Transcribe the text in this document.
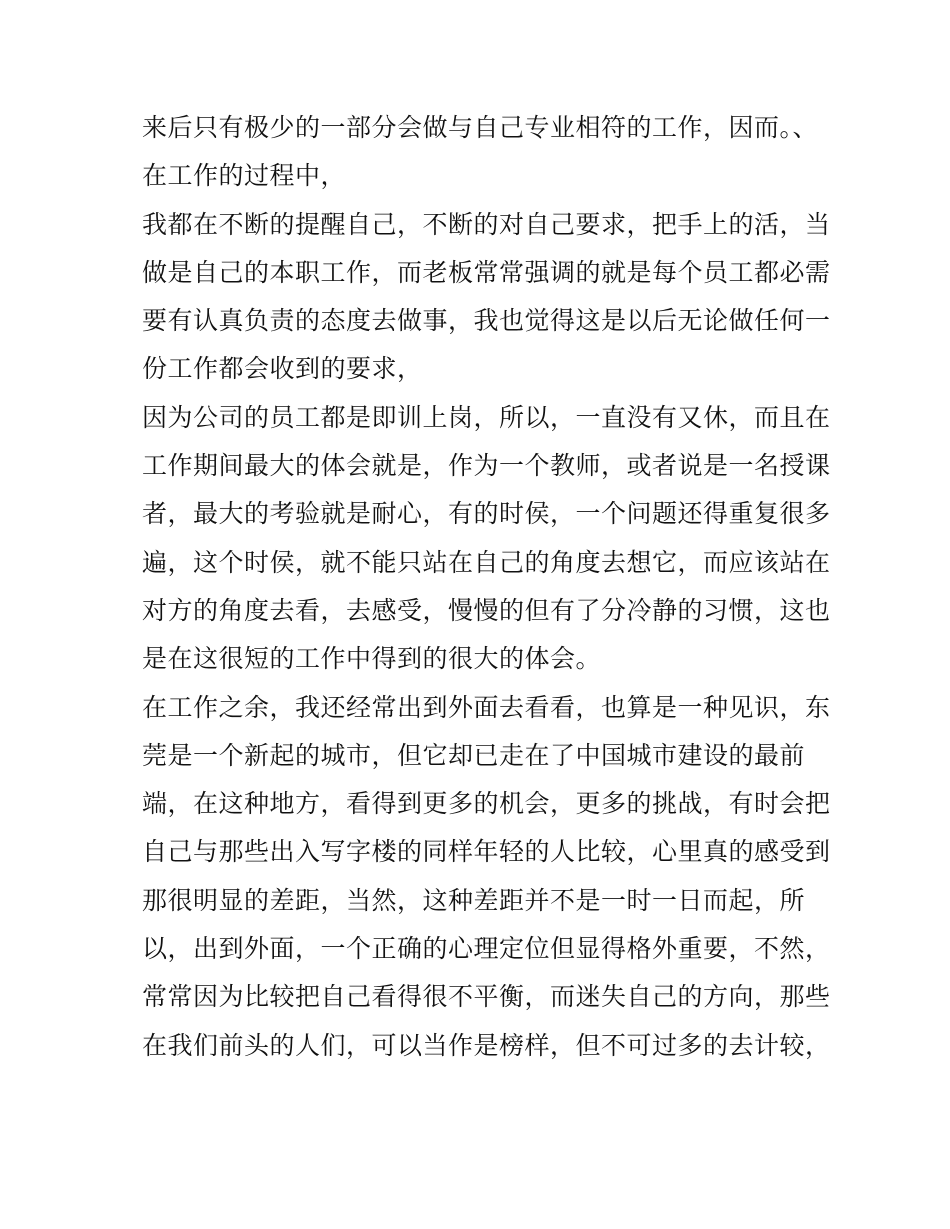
来后只有极少的一部分会做与自己专业相符的工作，因而。、
在工作的过程中，
我都在不断的提醒自己，不断的对自己要求，把手上的活，当
做是自己的本职工作，而老板常常强调的就是每个员工都必需
要有认真负责的态度去做事，我也觉得这是以后无论做任何一
份工作都会收到的要求，
因为公司的员工都是即训上岗，所以，一直没有又休，而且在
工作期间最大的体会就是，作为一个教师，或者说是一名授课
者，最大的考验就是耐心，有的时侯，一个问题还得重复很多
遍，这个时侯，就不能只站在自己的角度去想它，而应该站在
对方的角度去看，去感受，慢慢的但有了分冷静的习惯，这也
是在这很短的工作中得到的很大的体会。
在工作之余，我还经常出到外面去看看，也算是一种见识，东
莞是一个新起的城市，但它却已走在了中国城市建设的最前
端，在这种地方，看得到更多的机会，更多的挑战，有时会把
自己与那些出入写字楼的同样年轻的人比较，心里真的感受到
那很明显的差距，当然，这种差距并不是一时一日而起，所
以，出到外面，一个正确的心理定位但显得格外重要，不然，
常常因为比较把自己看得很不平衡，而迷失自己的方向，那些
在我们前头的人们，可以当作是榜样，但不可过多的去计较，
